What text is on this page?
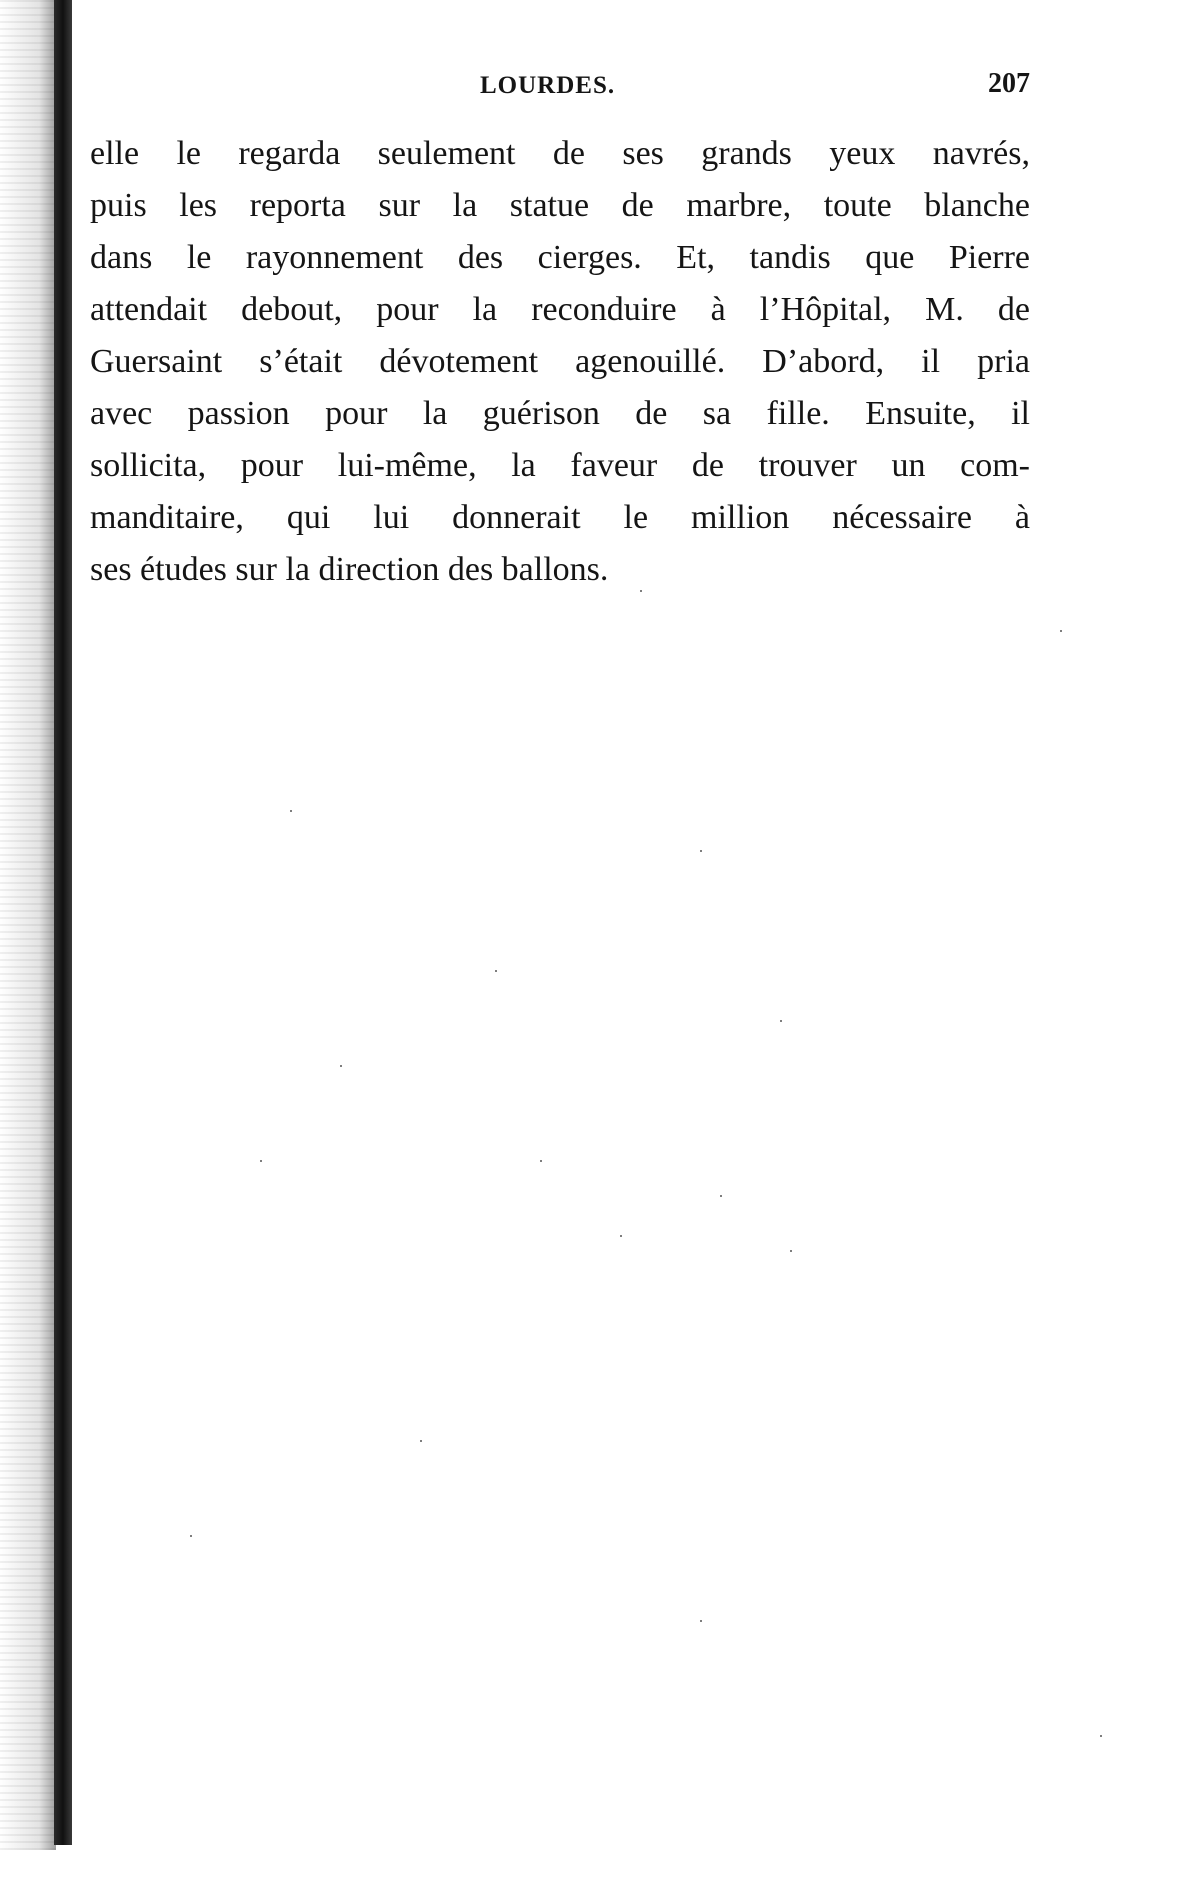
LOURDES.	207
elle le regarda seulement de ses grands yeux navrés,
puis les reporta sur la statue de marbre, toute blanche
dans le rayonnement des cierges. Et, tandis que Pierre
attendait debout, pour la reconduire à l’Hôpital, M. de
Guersaint s’était dévotement agenouillé. D’abord, il pria
avec passion pour la guérison de sa fille. Ensuite, il
sollicita, pour lui-même, la faveur de trouver un com-
manditaire, qui lui donnerait le million nécessaire à
ses études sur la direction des ballons.
